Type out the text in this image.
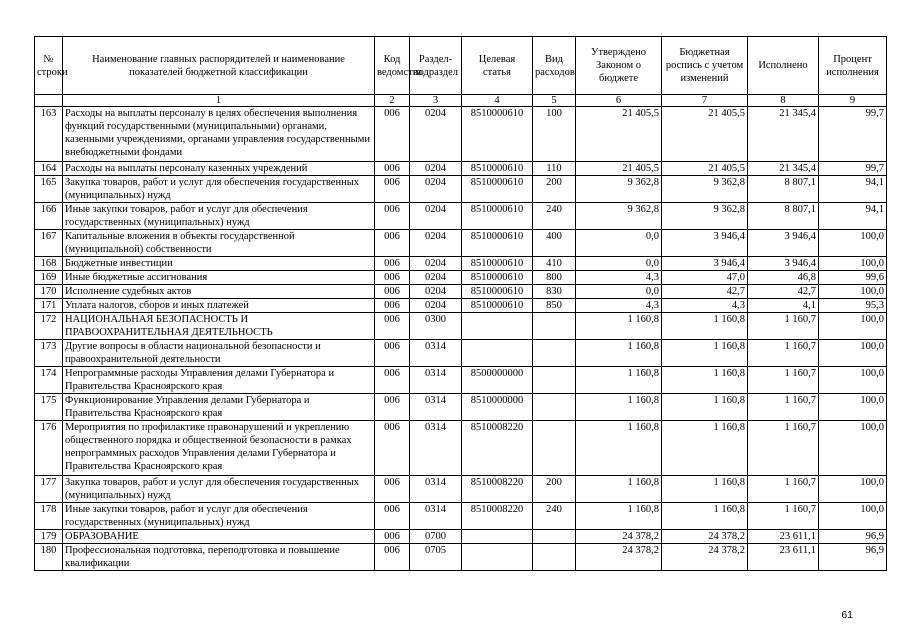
№ строки	Наименование главных распорядителей и наименование показателей бюджетной классификации	Код ведомства	Раздел-подраздел	Целевая статья	Вид расходов	Утверждено Законом о бюджете	Бюджетная роспись с учетом изменений	Исполнено	Процент исполнения
	1	2	3	4	5	6	7	8	9
163	Расходы на выплаты персоналу в целях обеспечения выполнения функций государственными (муниципальными) органами, казенными учреждениями, органами управления государственными внебюджетными фондами	006	0204	8510000610	100	21 405,5	21 405,5	21 345,4	99,7
164	Расходы на выплаты персоналу казенных учреждений	006	0204	8510000610	110	21 405,5	21 405,5	21 345,4	99,7
165	Закупка товаров, работ и услуг для обеспечения государственных (муниципальных) нужд	006	0204	8510000610	200	9 362,8	9 362,8	8 807,1	94,1
166	Иные закупки товаров, работ и услуг для обеспечения государственных (муниципальных) нужд	006	0204	8510000610	240	9 362,8	9 362,8	8 807,1	94,1
167	Капитальные вложения в объекты государственной (муниципальной) собственности	006	0204	8510000610	400	0,0	3 946,4	3 946,4	100,0
168	Бюджетные инвестиции	006	0204	8510000610	410	0,0	3 946,4	3 946,4	100,0
169	Иные бюджетные ассигнования	006	0204	8510000610	800	4,3	47,0	46,8	99,6
170	Исполнение судебных актов	006	0204	8510000610	830	0,0	42,7	42,7	100,0
171	Уплата налогов, сборов и иных платежей	006	0204	8510000610	850	4,3	4,3	4,1	95,3
172	НАЦИОНАЛЬНАЯ БЕЗОПАСНОСТЬ И ПРАВООХРАНИТЕЛЬНАЯ ДЕЯТЕЛЬНОСТЬ	006	0300			1 160,8	1 160,8	1 160,7	100,0
173	Другие вопросы в области национальной безопасности и правоохранительной деятельности	006	0314			1 160,8	1 160,8	1 160,7	100,0
174	Непрограммные расходы Управления делами Губернатора и Правительства Красноярского края	006	0314	8500000000		1 160,8	1 160,8	1 160,7	100,0
175	Функционирование Управления делами Губернатора и Правительства Красноярского края	006	0314	8510000000		1 160,8	1 160,8	1 160,7	100,0
176	Мероприятия по профилактике правонарушений и укреплению общественного порядка и общественной безопасности в рамках непрограммных расходов Управления делами Губернатора и Правительства Красноярского края	006	0314	8510008220		1 160,8	1 160,8	1 160,7	100,0
177	Закупка товаров, работ и услуг для обеспечения государственных (муниципальных) нужд	006	0314	8510008220	200	1 160,8	1 160,8	1 160,7	100,0
178	Иные закупки товаров, работ и услуг для обеспечения государственных (муниципальных) нужд	006	0314	8510008220	240	1 160,8	1 160,8	1 160,7	100,0
179	ОБРАЗОВАНИЕ	006	0700			24 378,2	24 378,2	23 611,1	96,9
180	Профессиональная подготовка, переподготовка и повышение квалификации	006	0705			24 378,2	24 378,2	23 611,1	96,9
61
